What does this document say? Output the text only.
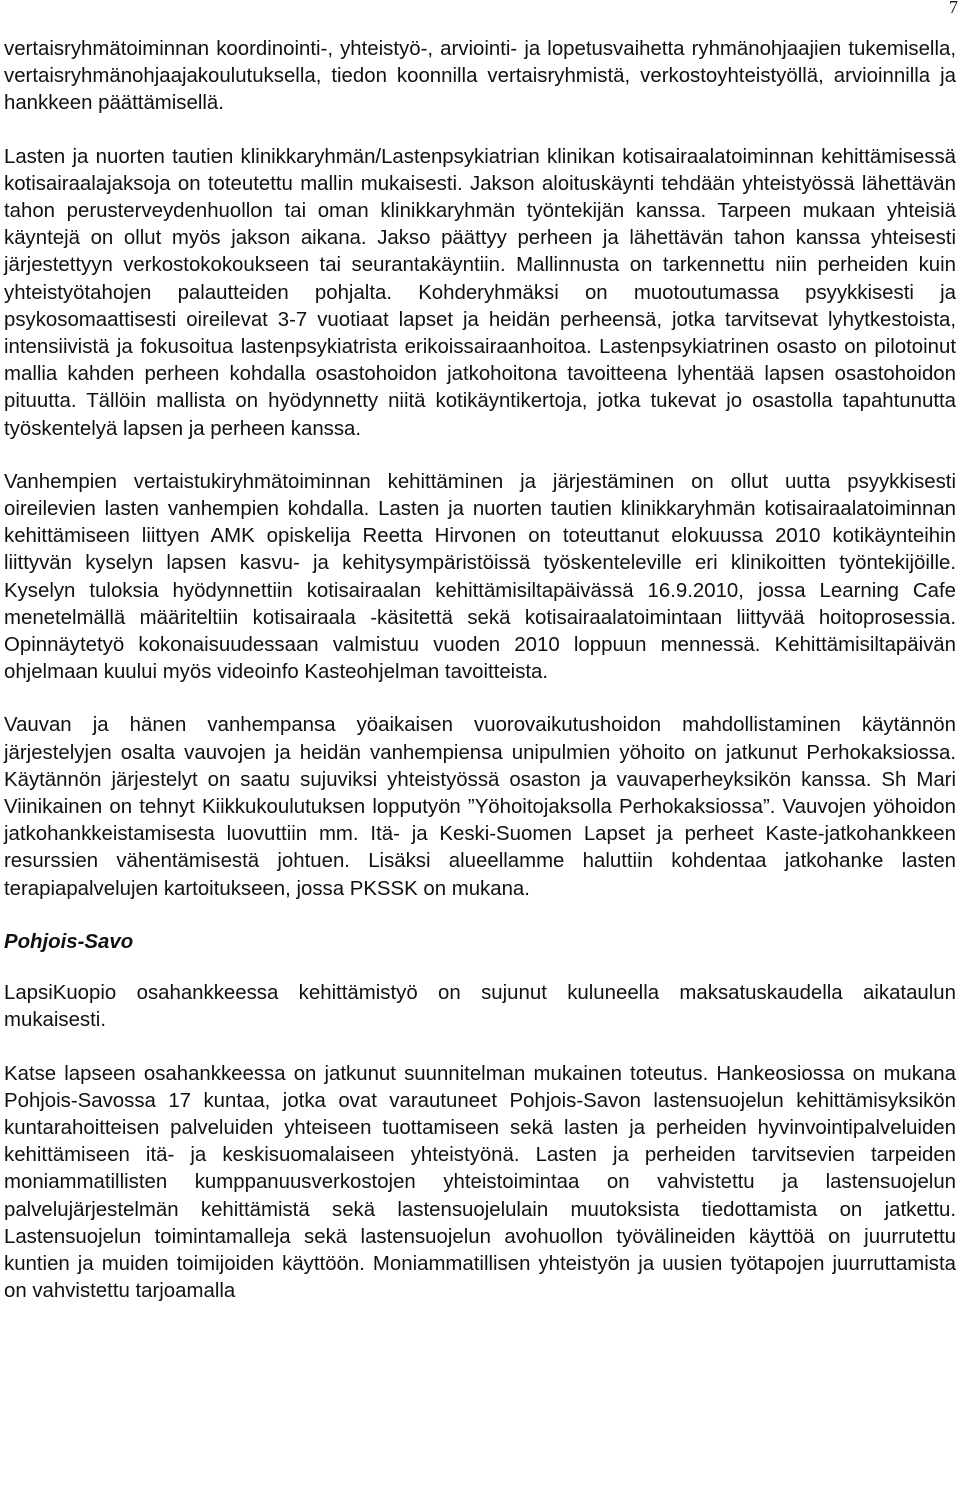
7

vertaisryhmätoiminnan koordinointi-, yhteistyö-, arviointi- ja lopetusvaihetta ryhmänohjaajien tukemisella, vertaisryhmänohjaajakoulutuksella, tiedon koonnilla vertaisryhmistä, verkostoyhteistyöllä, arvioinnilla ja hankkeen päättämisellä.

Lasten ja nuorten tautien klinikkaryhmän/Lastenpsykiatrian klinikan kotisairaalatoiminnan kehittämisessä kotisairaalajaksoja on toteutettu mallin mukaisesti. Jakson aloituskäynti tehdään yhteistyössä lähettävän tahon perusterveydenhuollon tai oman klinikkaryhmän työntekijän kanssa. Tarpeen mukaan yhteisiä käyntejä on ollut myös jakson aikana. Jakso päättyy perheen ja lähettävän tahon kanssa yhteisesti järjestettyyn verkostokokoukseen tai seurantakäyntiin. Mallinnusta on tarkennettu niin perheiden kuin yhteistyötahojen palautteiden pohjalta. Kohderyhmäksi on muotoutumassa psyykkisesti ja psykosomaattisesti oireilevat 3-7 vuotiaat lapset ja heidän perheensä, jotka tarvitsevat lyhytkestoista, intensiivistä ja fokusoitua lastenpsykiatrista erikoissairaanhoitoa. Lastenpsykiatrinen osasto on pilotoinut mallia kahden perheen kohdalla osastohoidon jatkohoitona tavoitteena lyhentää lapsen osastohoidon pituutta. Tällöin mallista on hyödynnetty niitä kotikäyntikertoja, jotka tukevat jo osastolla tapahtunutta työskentelyä lapsen ja perheen kanssa.

Vanhempien vertaistukiryhmätoiminnan kehittäminen ja järjestäminen on ollut uutta psyykkisesti oireilevien lasten vanhempien kohdalla. Lasten ja nuorten tautien klinikkaryhmän kotisairaalatoiminnan kehittämiseen liittyen AMK opiskelija Reetta Hirvonen on toteuttanut elokuussa 2010 kotikäynteihin liittyvän kyselyn lapsen kasvu- ja kehitysympäristöissä työskenteleville eri klinikoitten työntekijöille. Kyselyn tuloksia hyödynnettiin kotisairaalan kehittämisiltapäivässä 16.9.2010, jossa Learning Cafe menetelmällä määriteltiin kotisairaala -käsitettä sekä kotisairaalatoimintaan liittyvää hoitoprosessia. Opinnäytetyö kokonaisuudessaan valmistuu vuoden 2010 loppuun mennessä. Kehittämisiltapäivän ohjelmaan kuului myös videoinfo Kasteohjelman tavoitteista.

Vauvan ja hänen vanhempansa yöaikaisen vuorovaikutushoidon mahdollistaminen käytännön järjestelyjen osalta vauvojen ja heidän vanhempiensa unipulmien yöhoito on jatkunut Perhokaksiossa. Käytännön järjestelyt on saatu sujuviksi yhteistyössä osaston ja vauvaperheyksikön kanssa. Sh Mari Viinikainen on tehnyt Kiikkukoulutuksen lopputyön ”Yöhoitojaksolla Perhokaksiossa”. Vauvojen yöhoidon jatkohankkeistamisesta luovuttiin mm. Itä- ja Keski-Suomen Lapset ja perheet Kaste-jatkohankkeen resurssien vähentämisestä johtuen. Lisäksi alueellamme haluttiin kohdentaa jatkohanke lasten terapiapalvelujen kartoitukseen, jossa PKSSK on mukana.

Pohjois-Savo

LapsiKuopio osahankkeessa kehittämistyö on sujunut kuluneella maksatuskaudella aikataulun mukaisesti.

Katse lapseen osahankkeessa on jatkunut suunnitelman mukainen toteutus. Hankeosiossa on mukana Pohjois-Savossa 17 kuntaa, jotka ovat varautuneet Pohjois-Savon lastensuojelun kehittämisyksikön kuntarahoitteisen palveluiden yhteiseen tuottamiseen sekä lasten ja perheiden hyvinvointipalveluiden kehittämiseen itä- ja keskisuomalaiseen yhteistyönä. Lasten ja perheiden tarvitsevien tarpeiden moniammatillisten kumppanuusverkostojen yhteistoimintaa on vahvistettu ja lastensuojelun palvelujärjestelmän kehittämistä sekä lastensuojelulain muutoksista tiedottamista on jatkettu. Lastensuojelun toimintamalleja sekä lastensuojelun avohuollon työvälineiden käyttöä on juurrutettu kuntien ja muiden toimijoiden käyttöön. Moniammatillisen yhteistyön ja uusien työtapojen juurruttamista on vahvistettu tarjoamalla
